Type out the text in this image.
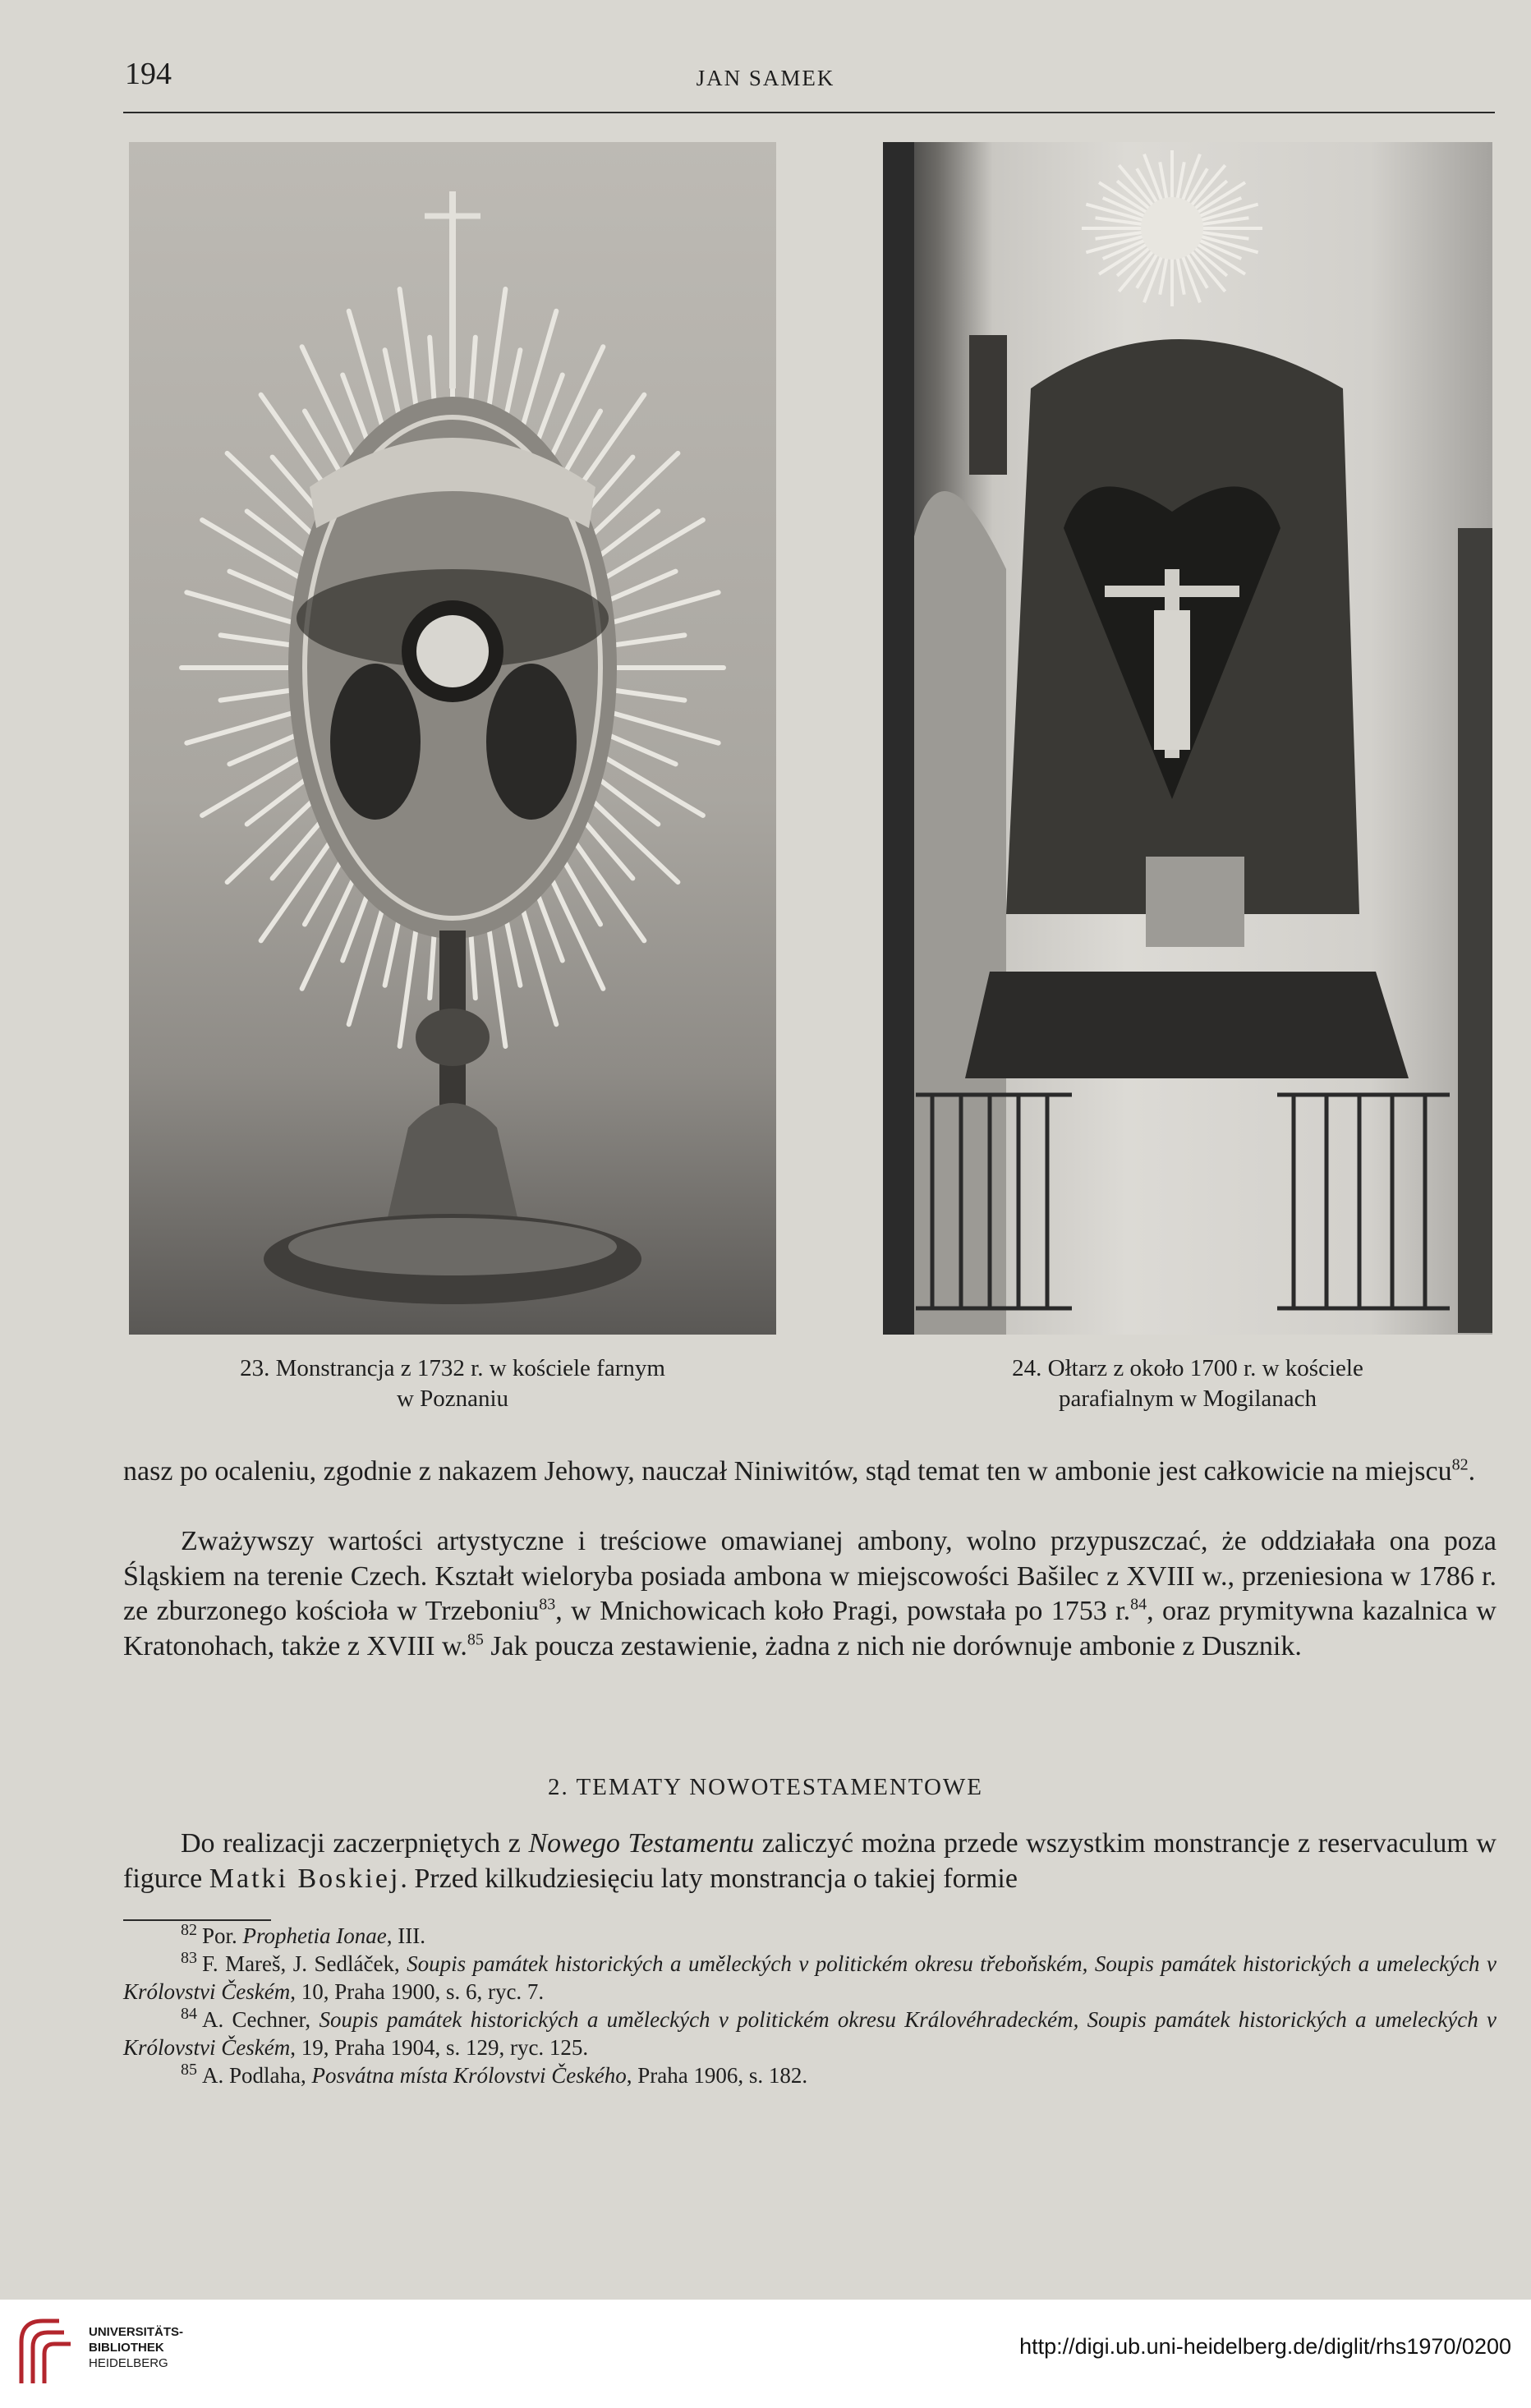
194	JAN SAMEK
23. Monstrancja z 1732 r. w kościele farnym
w Poznaniu
24. Ołtarz z około 1700 r. w kościele
parafialnym w Mogilanach

nasz po ocaleniu, zgodnie z nakazem Jehowy, nauczał Niniwitów, stąd temat ten w ambonie jest całkowicie na miejscu$^{82}$.

Zważywszy wartości artystyczne i treściowe omawianej ambony, wolno przypuszczać, że oddziałała ona poza Śląskiem na terenie Czech. Kształt wieloryba posiada ambona w miejscowości Bašilec z XVIII w., przeniesiona w 1786 r. ze zburzonego kościoła w Trzeboniu$^{83}$, w Mnichowicach koło Pragi, powstała po 1753 r.$^{84}$, oraz prymitywna kazalnica w Kratonohach, także z XVIII w.$^{85}$ Jak poucza zestawienie, żadna z nich nie dorównuje ambonie z Dusznik.

2. TEMATY NOWOTESTAMENTOWE

Do realizacji zaczerpniętych z Nowego Testamentu zaliczyć można przede wszystkim monstrancje z reservaculum w figurce Matki Boskiej. Przed kilkudziesięciu laty monstrancja o takiej formie

$^{82}$ Por. Prophetia Ionae, III.

$^{83}$ F. Mareš, J. Sedláček, Soupis památek historických a uměleckých v politickém okresu třeboňském, Soupis památek historických a umeleckých v Królovstvi Českém, 10, Praha 1900, s. 6, ryc. 7.

$^{84}$ A. Cechner, Soupis památek historických a uměleckých v politickém okresu Královéhradeckém, Soupis památek historických a umeleckých v Królovstvi Českém, 19, Praha 1904, s. 129, ryc. 125.

$^{85}$ A. Podlaha, Posvátna místa Królovstvi Českého, Praha 1906, s. 182.

UNIVERSITÄTS-
BIBLIOTHEK
HEIDELBERG
http://digi.ub.uni-heidelberg.de/diglit/rhs1970/0200
